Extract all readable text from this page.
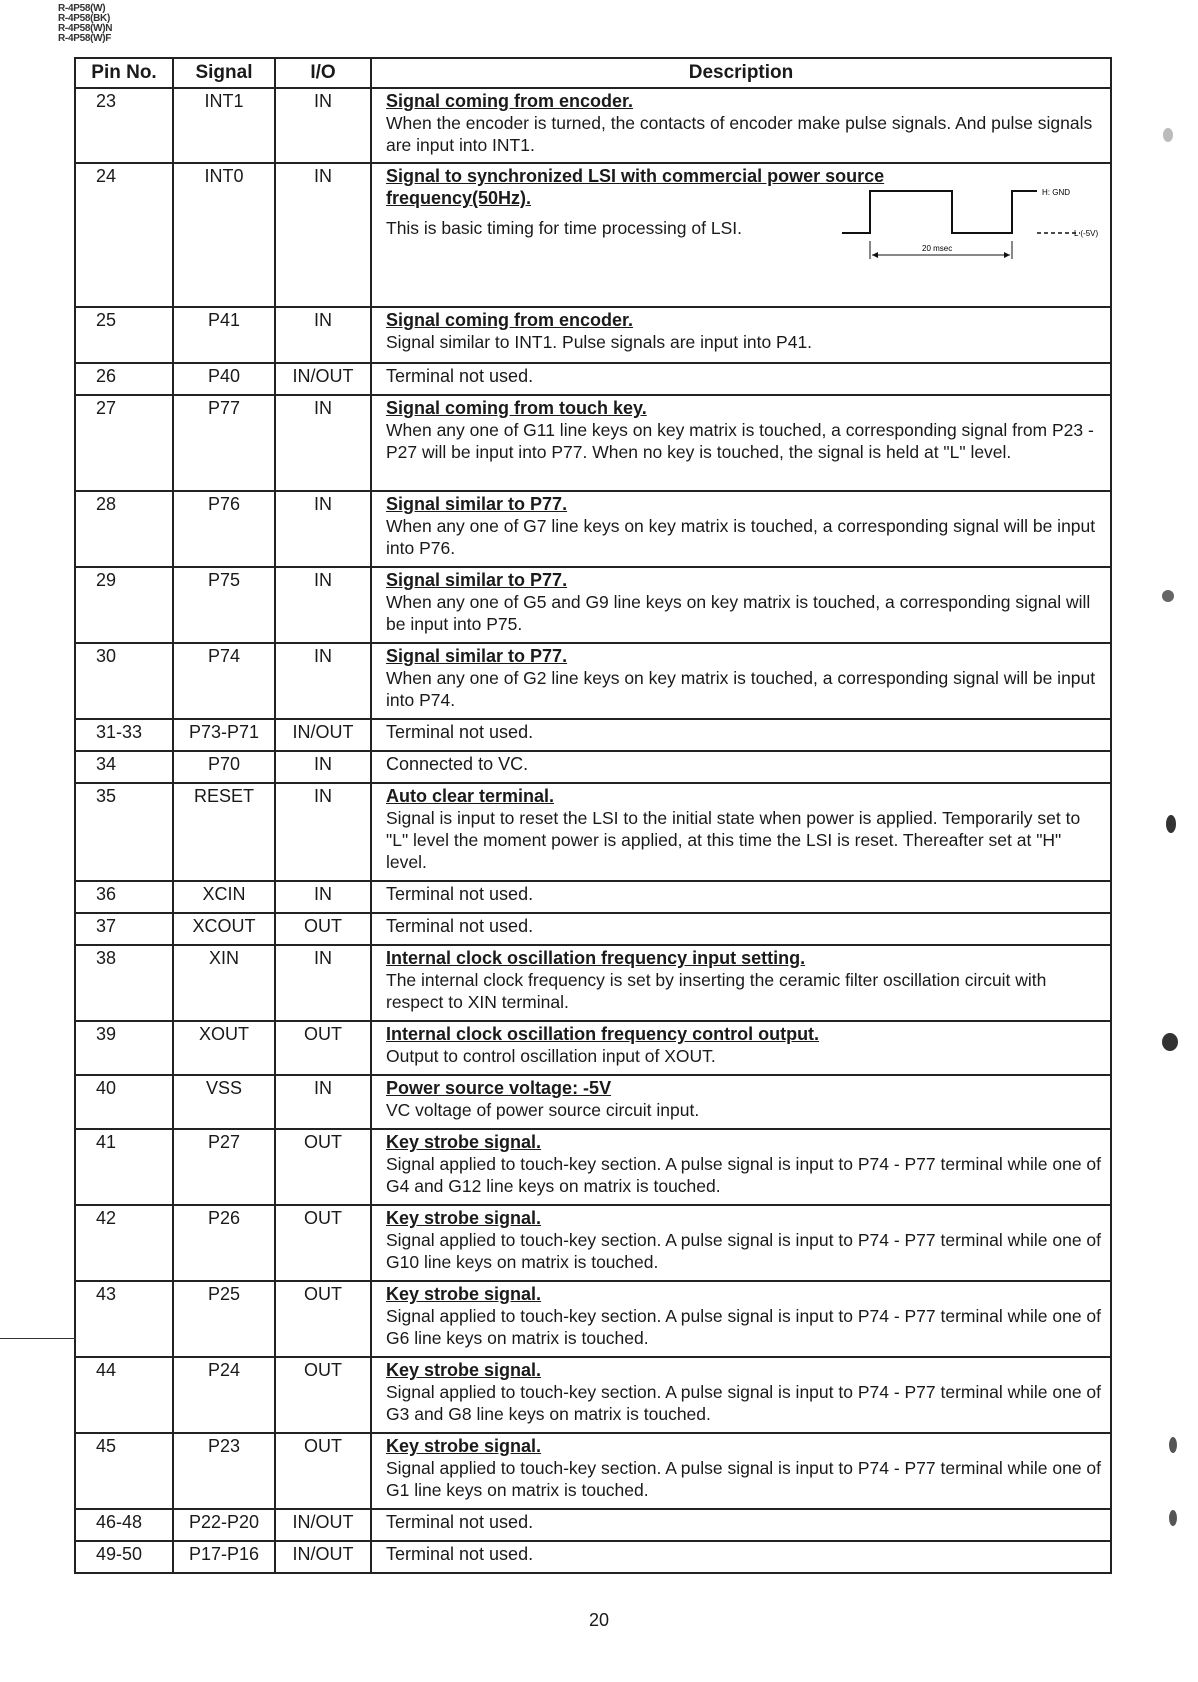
R-4P58(W)
R-4P58(BK)
R-4P58(W)N
R-4P58(W)F
Pin No.	Signal	I/O	Description
23	INT1	IN	Signal coming from encoder.
When the encoder is turned, the contacts of encoder make pulse signals. And pulse signals are input into INT1.

24	INT0	IN	Signal to synchronized LSI with commercial power source frequency(50Hz).
This is basic timing for time processing of LSI.
H: GND
L (-5V)
20 msec

25	P41	IN	Signal coming from encoder.
Signal similar to INT1. Pulse signals are input into P41.

26	P40	IN/OUT	Terminal not used.

27	P77	IN	Signal coming from touch key.
When any one of G11 line keys on key matrix is touched, a corresponding signal from P23 - P27 will be input into P77. When no key is touched, the signal is held at "L" level.

28	P76	IN	Signal similar to P77.
When any one of G7 line keys on key matrix is touched, a corresponding signal will be input into P76.

29	P75	IN	Signal similar to P77.
When any one of G5 and G9 line keys on key matrix is touched, a corresponding signal will be input into P75.

30	P74	IN	Signal similar to P77.
When any one of G2 line keys on key matrix is touched, a corresponding signal will be input into P74.

31-33	P73-P71	IN/OUT	Terminal not used.

34	P70	IN	Connected to VC.

35	RESET	IN	Auto clear terminal.
Signal is input to reset the LSI to the initial state when power is applied. Temporarily set to "L" level the moment power is applied, at this time the LSI is reset. Thereafter set at "H" level.

36	XCIN	IN	Terminal not used.

37	XCOUT	OUT	Terminal not used.

38	XIN	IN	Internal clock oscillation frequency input setting.
The internal clock frequency is set by inserting the ceramic filter oscillation circuit with respect to XIN terminal.

39	XOUT	OUT	Internal clock oscillation frequency control output.
Output to control oscillation input of XOUT.

40	VSS	IN	Power source voltage: -5V
VC voltage of power source circuit input.

41	P27	OUT	Key strobe signal.
Signal applied to touch-key section. A pulse signal is input to P74 - P77 terminal while one of G4 and G12 line keys on matrix is touched.

42	P26	OUT	Key strobe signal.
Signal applied to touch-key section. A pulse signal is input to P74 - P77 terminal while one of G10 line keys on matrix is touched.

43	P25	OUT	Key strobe signal.
Signal applied to touch-key section. A pulse signal is input to P74 - P77 terminal while one of G6 line keys on matrix is touched.

44	P24	OUT	Key strobe signal.
Signal applied to touch-key section. A pulse signal is input to P74 - P77 terminal while one of G3 and G8 line keys on matrix is touched.

45	P23	OUT	Key strobe signal.
Signal applied to touch-key section. A pulse signal is input to P74 - P77 terminal while one of G1 line keys on matrix is touched.

46-48	P22-P20	IN/OUT	Terminal not used.

49-50	P17-P16	IN/OUT	Terminal not used.
20
